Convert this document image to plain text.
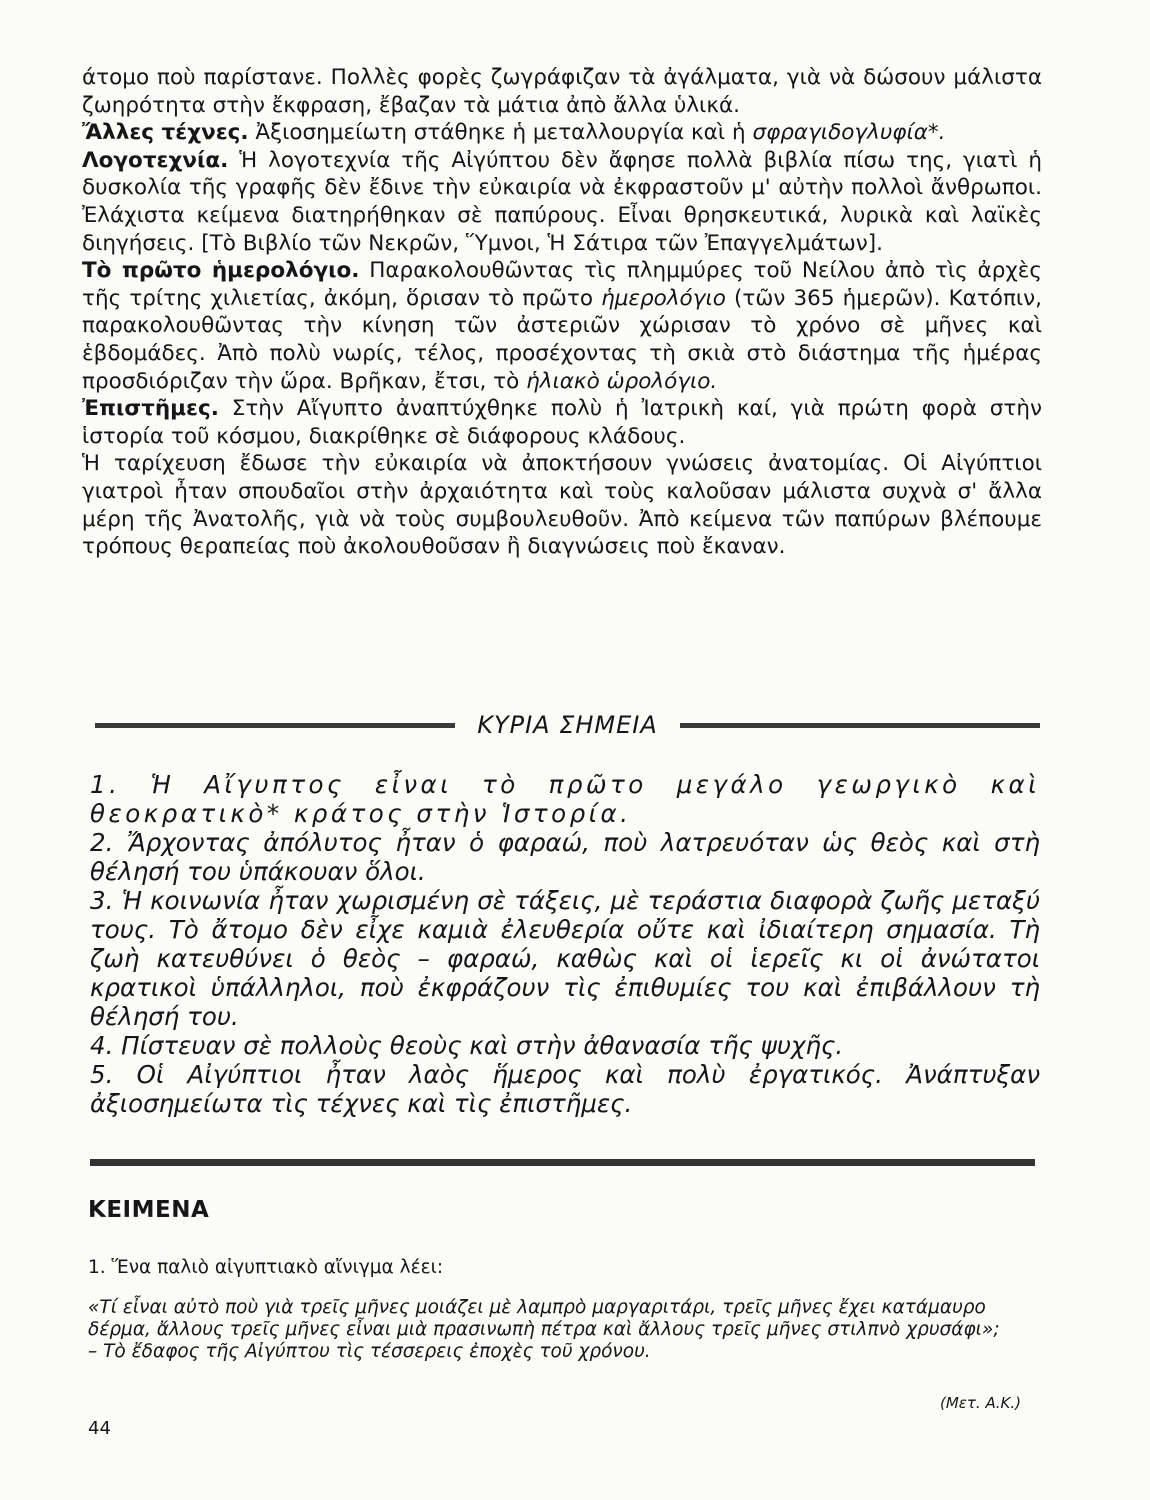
άτομο ποὺ παρίστανε. Πολλὲς φορὲς ζωγράφιζαν τὰ ἀγάλματα, γιὰ νὰ δώσουν μάλιστα ζωηρότητα στὴν ἔκφραση, ἔβαζαν τὰ μάτια ἀπὸ ἄλλα ὑλικά.

Ἄλλες τέχνες. Ἀξιοσημείωτη στάθηκε ἡ μεταλλουργία καὶ ἡ σφραγιδογλυφία*.

Λογοτεχνία. Ἡ λογοτεχνία τῆς Αἰγύπτου δὲν ἄφησε πολλὰ βιβλία πίσω της, γιατὶ ἡ δυσκολία τῆς γραφῆς δὲν ἔδινε τὴν εὐκαιρία νὰ ἐκφραστοῦν μ' αὐτὴν πολλοὶ ἄνθρωποι. Ἐλάχιστα κείμενα διατηρήθηκαν σὲ παπύρους. Εἶναι θρησκευτικά, λυρικὰ καὶ λαϊκὲς διηγήσεις. [Τὸ Βιβλίο τῶν Νεκρῶν, Ὕμνοι, Ἡ Σάτιρα τῶν Ἐπαγγελμάτων].

Τὸ πρῶτο ἡμερολόγιο. Παρακολουθῶντας τὶς πλημμύρες τοῦ Νείλου ἀπὸ τὶς ἀρχὲς τῆς τρίτης χιλιετίας, ἀκόμη, ὅρισαν τὸ πρῶτο ἡμερολόγιο (τῶν 365 ἡμερῶν). Κατόπιν, παρακολουθῶντας τὴν κίνηση τῶν ἀστεριῶν χώρισαν τὸ χρόνο σὲ μῆνες καὶ ἑβδομάδες. Ἀπὸ πολὺ νωρίς, τέλος, προσέχοντας τὴ σκιὰ στὸ διάστημα τῆς ἡμέρας προσδιόριζαν τὴν ὥρα. Βρῆκαν, ἔτσι, τὸ ἡλιακὸ ὡρολόγιο.

Ἐπιστῆμες. Στὴν Αἴγυπτο ἀναπτύχθηκε πολὺ ἡ Ἰατρικὴ καί, γιὰ πρώτη φορὰ στὴν ἱστορία τοῦ κόσμου, διακρίθηκε σὲ διάφορους κλάδους.

Ἡ ταρίχευση ἔδωσε τὴν εὐκαιρία νὰ ἀποκτήσουν γνώσεις ἀνατομίας. Οἱ Αἰγύπτιοι γιατροὶ ἦταν σπουδαῖοι στὴν ἀρχαιότητα καὶ τοὺς καλοῦσαν μάλιστα συχνὰ σ' ἄλλα μέρη τῆς Ἀνατολῆς, γιὰ νὰ τοὺς συμβουλευθοῦν. Ἀπὸ κείμενα τῶν παπύρων βλέπουμε τρόπους θεραπείας ποὺ ἀκολουθοῦσαν ἢ διαγνώσεις ποὺ ἔκαναν.

ΚΥΡΙΑ ΣΗΜΕΙΑ

1. Ἡ Αἴγυπτος εἶναι τὸ πρῶτο μεγάλο γεωργικὸ καὶ θεοκρατικὸ* κράτος στὴν Ἱστορία.

2. Ἄρχοντας ἀπόλυτος ἦταν ὁ φαραώ, ποὺ λατρευόταν ὡς θεὸς καὶ στὴ θέλησή του ὑπάκουαν ὅλοι.

3. Ἡ κοινωνία ἦταν χωρισμένη σὲ τάξεις, μὲ τεράστια διαφορὰ ζωῆς μεταξύ τους. Τὸ ἄτομο δὲν εἶχε καμιὰ ἐλευθερία οὔτε καὶ ἰδιαίτερη σημασία. Τὴ ζωὴ κατευθύνει ὁ θεὸς – φαραώ, καθὼς καὶ οἱ ἱερεῖς κι οἱ ἀνώτατοι κρατικοὶ ὑπάλληλοι, ποὺ ἐκφράζουν τὶς ἐπιθυμίες του καὶ ἐπιβάλλουν τὴ θέλησή του.

4. Πίστευαν σὲ πολλοὺς θεοὺς καὶ στὴν ἀθανασία τῆς ψυχῆς.

5. Οἱ Αἰγύπτιοι ἦταν λαὸς ἥμερος καὶ πολὺ ἐργατικός. Ἀνάπτυξαν ἀξιοσημείωτα τὶς τέχνες καὶ τὶς ἐπιστῆμες.

ΚΕΙΜΕΝΑ
1. Ἕνα παλιὸ αἰγυπτιακὸ αἴνιγμα λέει:

«Τί εἶναι αὐτὸ ποὺ γιὰ τρεῖς μῆνες μοιάζει μὲ λαμπρὸ μαργαριτάρι, τρεῖς μῆνες ἔχει κατάμαυρο δέρμα, ἄλλους τρεῖς μῆνες εἶναι μιὰ πρασινωπὴ πέτρα καὶ ἄλλους τρεῖς μῆνες στιλπνὸ χρυσάφι»;

– Τὸ ἔδαφος τῆς Αἰγύπτου τὶς τέσσερεις ἐποχὲς τοῦ χρόνου.

(Μετ. Α.Κ.)
44
